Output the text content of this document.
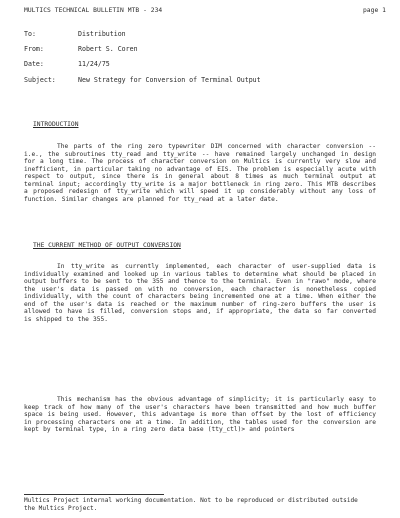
MULTICS TECHNICAL BULLETIN MTB - 234	page 1
To:	Distribution
From:	Robert S. Coren
Date:	11/24/75
Subject:	New Strategy for Conversion of Terminal Output
INTRODUCTION
The parts of the ring zero typewriter DIM concerned with character conversion -- i.e., the subroutines tty_read and tty_write -- have remained largely unchanged in design for a long time. The process of character conversion on Multics is currently very slow and inefficient, in particular taking no advantage of EIS. The problem is especially acute with respect to output, since there is in general about 8 times as much terminal output at terminal input; accordingly tty_write is a major bottleneck in ring zero. This MTB describes a proposed redesign of tty_write which will speed it up considerably without any loss of function. Similar changes are planned for tty_read at a later date.
THE CURRENT METHOD OF OUTPUT CONVERSION
In tty_write as currently implemented, each character of user-supplied data is individually examined and looked up in various tables to determine what should be placed in output buffers to be sent to the 355 and thence to the terminal. Even in "rawo" mode, where the user's data is passed on with no conversion, each character is nonetheless copied individually, with the count of characters being incremented one at a time. When either the end of the user's data is reached or the maximum number of ring-zero buffers the user is allowed to have is filled, conversion stops and, if appropriate, the data so far converted is shipped to the 355.
This mechanism has the obvious advantage of simplicity; it is particularly easy to keep track of how many of the user's characters have been transmitted and how much buffer space is being used. However, this advantage is more than offset by the lost of efficiency in processing characters one at a time. In addition, the tables used for the conversion are kept by terminal type, in a ring zero data base (tty_ctl)> and pointers
Multics Project internal working documentation. Not to be reproduced or distributed outside the Multics Project.
